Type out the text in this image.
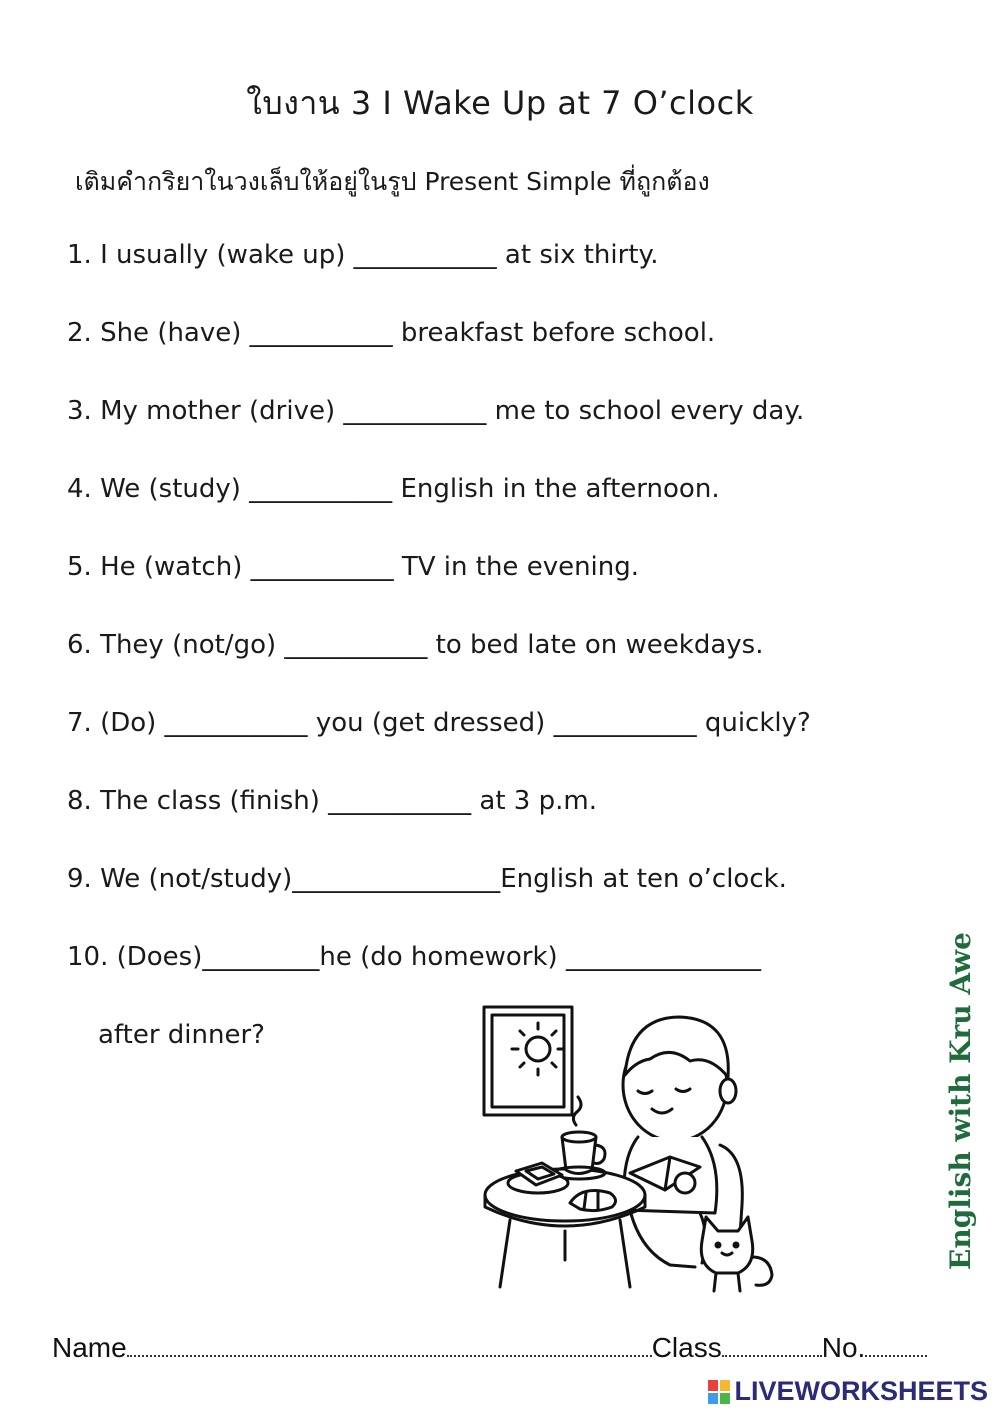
ใบงาน 3 I Wake Up at 7 O’clock
เติมคำกริยาในวงเล็บให้อยู่ในรูป Present Simple ที่ถูกต้อง
1. I usually (wake up) ___________ at six thirty.
2. She (have) ___________ breakfast before school.
3. My mother (drive) ___________ me to school every day.
4. We (study) ___________ English in the afternoon.
5. He (watch) ___________ TV in the evening.
6. They (not/go) ___________ to bed late on weekdays.
7. (Do) ___________ you (get dressed) ___________ quickly?
8. The class (finish) ___________ at 3 p.m.
9. We (not/study)________________English at ten o’clock.
10. (Does)_________he (do homework) _______________
after dinner?	English with Kru Awe
Name	Class	No.
LIVEWORKSHEETS
